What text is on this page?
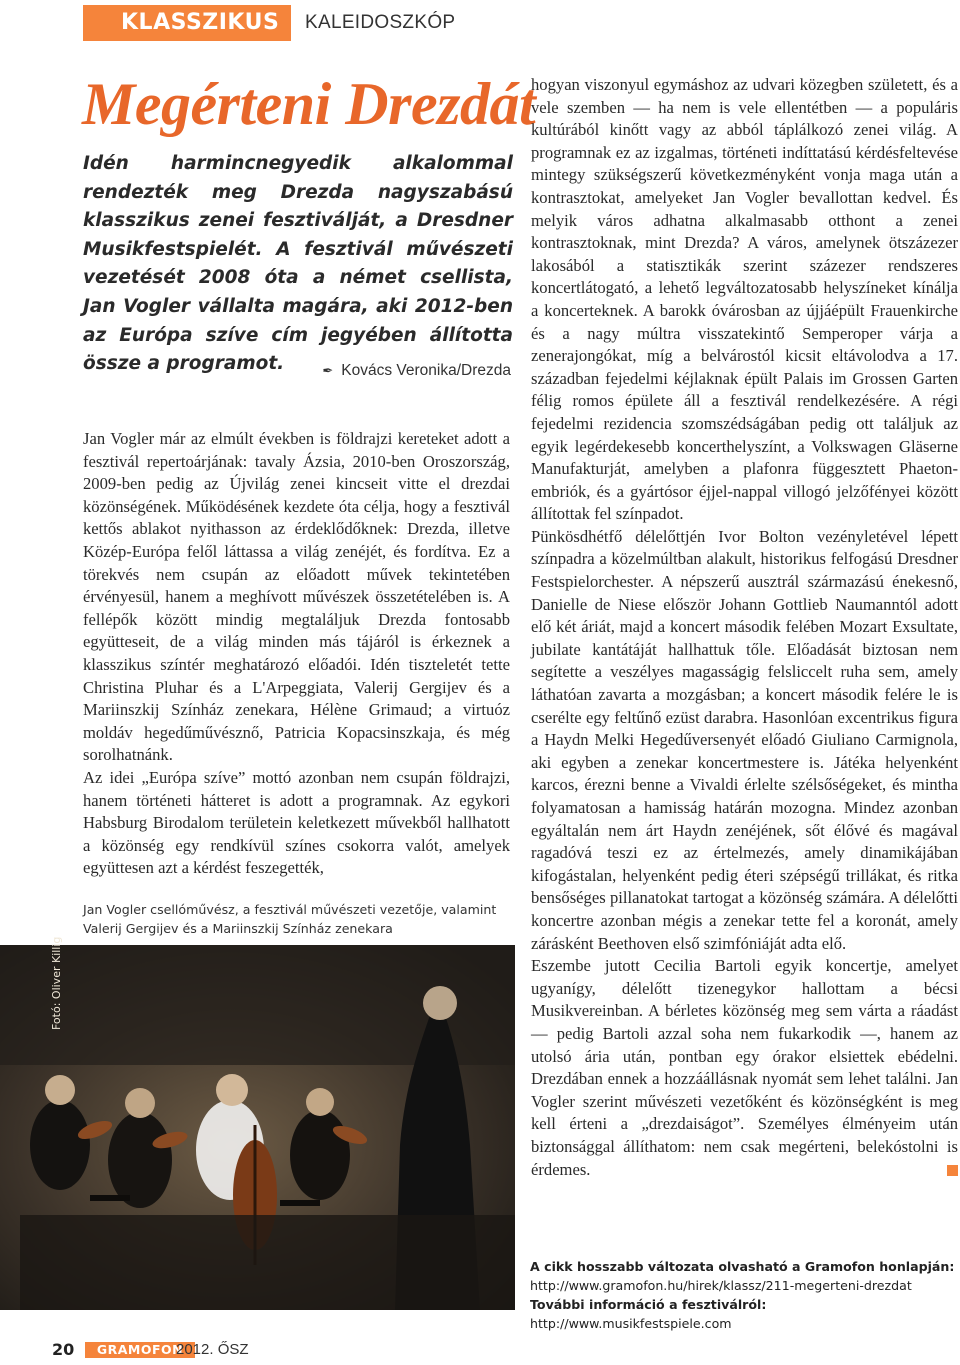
KLASSZIKUS	KALEIDOSZKÓP
Megérteni Drezdát

Idén harmincnegyedik alkalommal rendezték meg Drezda nagyszabású klasszikus zenei fesztiválját, a Dresdner Musikfestspielét. A fesztivál művészeti vezetését 2008 óta a német csellista, Jan Vogler vállalta magára, aki 2012-ben az Európa szíve cím jegyében állította össze a programot.	✒ Kovács Veronika/Drezda

Jan Vogler már az elmúlt években is földrajzi kereteket adott a fesztivál repertoárjának: tavaly Ázsia, 2010-ben Oroszország, 2009-ben pedig az Újvilág zenei kincseit vitte el drezdai közönségének. Működésének kezdete óta célja, hogy a fesztivál kettős ablakot nyithasson az érdeklődőknek: Drezda, illetve Közép-Európa felől láttassa a világ zenéjét, és fordítva. Ez a törekvés nem csupán az előadott művek tekintetében érvényesül, hanem a meghívott művészek összetételében is. A fellépők között mindig megtaláljuk Drezda fontosabb együtteseit, de a világ minden más tájáról is érkeznek a klasszikus színtér meghatározó előadói. Idén tiszteletét tette Christina Pluhar és a L'Arpeggiata, Valerij Gergijev és a Mariinszkij Színház zenekara, Hélène Grimaud; a virtuóz moldáv hegedűművésznő, Patricia Kopacsinszkaja, és még sorolhatnánk.

Az idei „Európa szíve” mottó azonban nem csupán földrajzi, hanem történeti hátteret is adott a programnak. Az egykori Habsburg Birodalom területein keletkezett művekből hallhatott a közönség egy rendkívül színes csokorra valót, amelyek együttesen azt a kérdést feszegették,

Jan Vogler csellóművész, a fesztivál művészeti vezetője, valamint Valerij Gergijev és a Mariinszkij Színház zenekara

Fotó: Oliver Killig

hogyan viszonyul egymáshoz az udvari közegben született, és a vele szemben — ha nem is vele ellentétben — a populáris kultúrából kinőtt vagy az abból táplálkozó zenei világ. A programnak ez az izgalmas, történeti indíttatású kérdésfeltevése mintegy szükségszerű következményként vonja maga után a kontrasztokat, amelyeket Jan Vogler bevallottan kedvel. És melyik város adhatna alkalmasabb otthont a zenei kontrasztoknak, mint Drezda? A város, amelynek ötszázezer lakosából a statisztikák szerint százezer rendszeres koncertlátogató, a lehető legváltozatosabb helyszíneket kínálja a koncerteknek. A barokk óvárosban az újjáépült Frauenkirche és a nagy múltra visszatekintő Semperoper várja a zenerajongókat, míg a belvárostól kicsit eltávolodva a 17. században fejedelmi kéjlaknak épült Palais im Grossen Garten félig romos épülete áll a fesztivál rendelkezésére. A régi fejedelmi rezidencia szomszédságában pedig ott találjuk az egyik legérdekesebb koncerthelyszínt, a Volkswagen Gläserne Manufakturját, amelyben a plafonra függesztett Phaeton-embriók, és a gyártósor éjjel-nappal villogó jelzőfényei között állítottak fel színpadot.

Pünkösdhétfő délelőttjén Ivor Bolton vezényletével lépett színpadra a közelmúltban alakult, historikus felfogású Dresdner Festspielorchester. A népszerű ausztrál származású énekesnő, Danielle de Niese először Johann Gottlieb Naumanntól adott elő két áriát, majd a koncert második felében Mozart Exsultate, jubilate kantátáját hallhattuk tőle. Előadását biztosan nem segítette a veszélyes magasságig felsliccelt ruha sem, amely láthatóan zavarta a mozgásban; a koncert második felére le is cserélte egy feltűnő ezüst darabra. Hasonlóan excentrikus figura a Haydn Melki Hegedűversenyét előadó Giuliano Carmignola, aki egyben a zenekar koncertmestere is. Játéka helyenként karcos, érezni benne a Vivaldi érlelte szélsőségeket, és mintha folyamatosan a hamisság határán mozogna. Mindez azonban egyáltalán nem árt Haydn zenéjének, sőt élővé és magával ragadóvá teszi ez az értelmezés, amely dinamikájában kifogástalan, helyenként pedig éteri szépségű trillákat, és ritka bensőséges pillanatokat tartogat a közönség számára. A délelőtti koncertre azonban mégis a zenekar tette fel a koronát, amely zárásként Beethoven első szimfóniáját adta elő.

Eszembe jutott Cecilia Bartoli egyik koncertje, amelyet ugyanígy, délelőtt tizenegykor hallottam a bécsi Musikvereinban. A bérletes közönség meg sem várta a ráadást — pedig Bartoli azzal soha nem fukarkodik —, hanem az utolsó ária után, pontban egy órakor elsiettek ebédelni. Drezdában ennek a hozzáállásnak nyomát sem lehet találni. Jan Vogler szerint művészeti vezetőként és közönségként is meg kell érteni a „drezdaiságot”. Személyes élményeim után biztonsággal állíthatom: nem csak megérteni, belekóstolni is érdemes.

A cikk hosszabb változata olvasható a Gramofon honlapján:
http://www.gramofon.hu/hirek/klassz/211-megerteni-drezdat
További információ a fesztiválról: http://www.musikfestspiele.com
20	GRAMOFON
2012. ŐSZ
